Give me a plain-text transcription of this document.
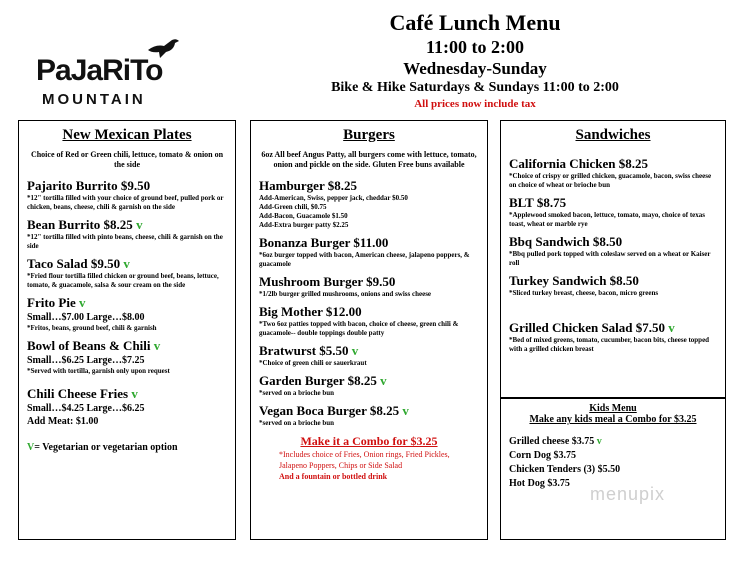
PaJaRiTo
MOUNTAIN
Café Lunch Menu
11:00 to 2:00
Wednesday-Sunday
Bike & Hike Saturdays & Sundays 11:00 to 2:00
All prices now include tax
New Mexican Plates
Choice of Red or Green chili, lettuce, tomato & onion on the side
Pajarito Burrito $9.50
*12" tortilla filled with your choice of ground beef, pulled pork or chicken, beans, cheese, chili & garnish on the side
Bean Burrito $8.25 v
*12" tortilla filled with pinto beans, cheese, chili & garnish on the side
Taco Salad $9.50 v
*Fried flour tortilla filled chicken or ground beef, beans, lettuce, tomato, & guacamole, salsa & sour cream on the side
Frito Pie v
Small…$7.00 Large…$8.00
*Fritos, beans, ground beef, chili & garnish
Bowl of Beans & Chili v
Small…$6.25 Large…$7.25
*Served with tortilla, garnish only upon request
Chili Cheese Fries v
Small…$4.25 Large…$6.25
Add Meat: $1.00
V= Vegetarian or vegetarian option
Burgers
6oz All beef Angus Patty, all burgers come with lettuce, tomato, onion and pickle on the side. Gluten Free buns available
Hamburger $8.25
Add-American, Swiss, pepper jack, cheddar $0.50
Add-Green chili, $0.75
Add-Bacon, Guacamole $1.50
Add-Extra burger patty $2.25
Bonanza Burger $11.00
*6oz burger topped with bacon, American cheese, jalapeno poppers, & guacamole
Mushroom Burger $9.50
*1/2lb burger grilled mushrooms, onions and swiss cheese
Big Mother $12.00
*Two 6oz patties topped with bacon, choice of cheese, green chili & guacamole-- double toppings double patty
Bratwurst $5.50 v
*Choice of green chili or sauerkraut
Garden Burger $8.25 v
*served on a brioche bun
Vegan Boca Burger $8.25 v
*served on a brioche bun
Make it a Combo for $3.25
*Includes choice of Fries, Onion rings, Fried Pickles, Jalapeno Poppers, Chips or Side Salad
And a fountain or bottled drink
Sandwiches
California Chicken $8.25
*Choice of crispy or grilled chicken, guacamole, bacon, swiss cheese on choice of wheat or brioche bun
BLT $8.75
*Applewood smoked bacon, lettuce, tomato, mayo, choice of texas toast, wheat or marble rye
Bbq Sandwich $8.50
*Bbq pulled pork topped with coleslaw served on a wheat or Kaiser roll
Turkey Sandwich $8.50
*Sliced turkey breast, cheese, bacon, micro greens
Grilled Chicken Salad $7.50 v
*Bed of mixed greens, tomato, cucumber, bacon bits, cheese topped with a grilled chicken breast
Kids Menu
Make any kids meal a Combo for $3.25
Grilled cheese $3.75 v
Corn Dog $3.75
Chicken Tenders (3) $5.50
Hot Dog $3.75
menupix
